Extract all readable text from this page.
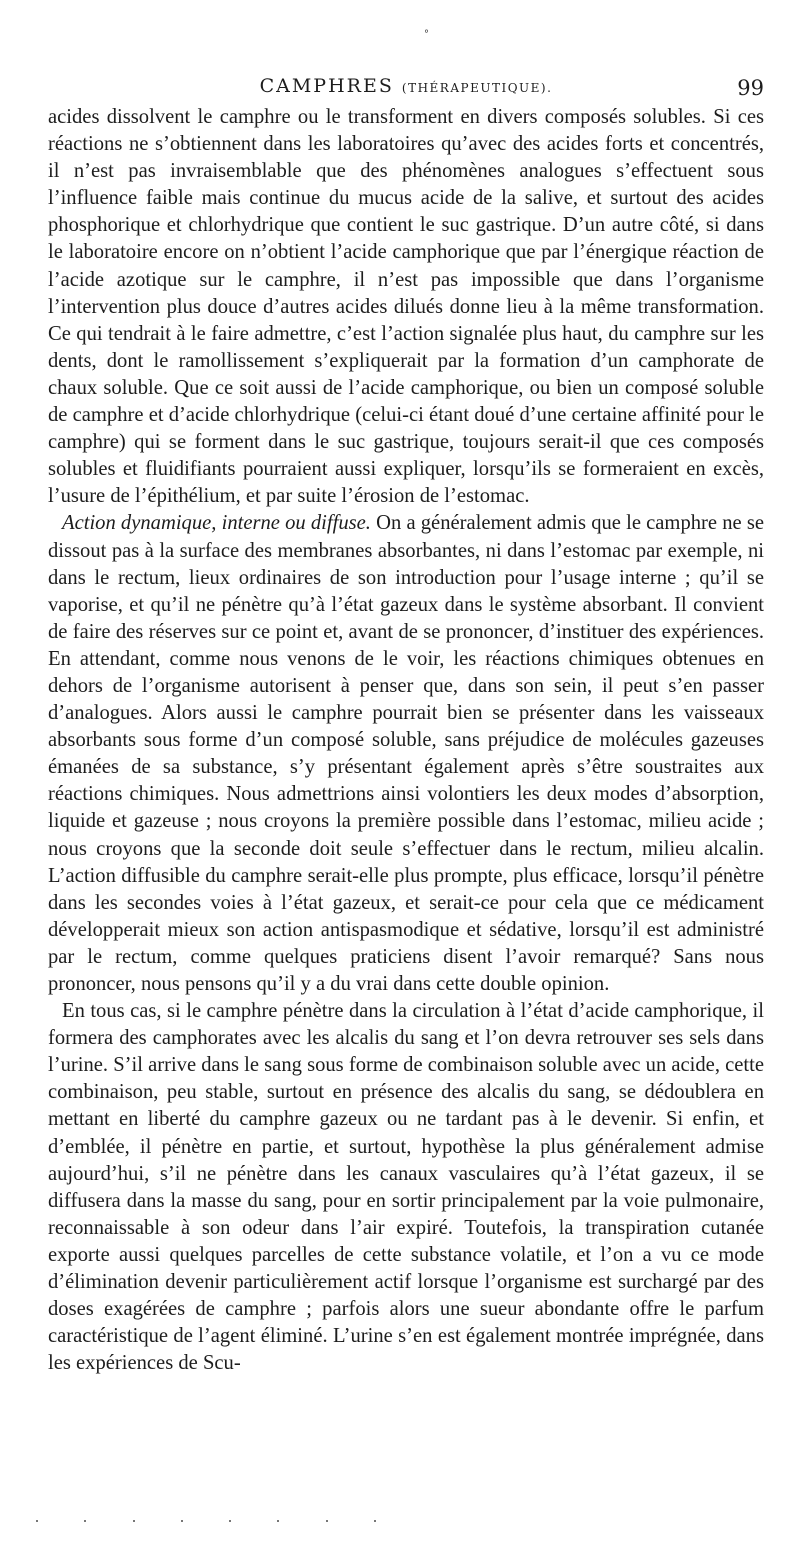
°
CAMPHRES (THÉRAPEUTIQUE).	99

acides dissolvent le camphre ou le transforment en divers composés solubles. Si ces réactions ne s’obtiennent dans les laboratoires qu’avec des acides forts et concentrés, il n’est pas invraisemblable que des phénomènes analogues s’effectuent sous l’influence faible mais continue du mucus acide de la salive, et surtout des acides phosphorique et chlorhydrique que contient le suc gastrique. D’un autre côté, si dans le laboratoire encore on n’obtient l’acide camphorique que par l’énergique réaction de l’acide azotique sur le camphre, il n’est pas impossible que dans l’organisme l’intervention plus douce d’autres acides dilués donne lieu à la même transformation. Ce qui tendrait à le faire admettre, c’est l’action signalée plus haut, du camphre sur les dents, dont le ramollissement s’expliquerait par la formation d’un camphorate de chaux soluble. Que ce soit aussi de l’acide camphorique, ou bien un composé soluble de camphre et d’acide chlorhydrique (celui-ci étant doué d’une certaine affinité pour le camphre) qui se forment dans le suc gastrique, toujours serait-il que ces composés solubles et fluidifiants pourraient aussi expliquer, lorsqu’ils se formeraient en excès, l’usure de l’épithélium, et par suite l’érosion de l’estomac.

Action dynamique, interne ou diffuse. On a généralement admis que le camphre ne se dissout pas à la surface des membranes absorbantes, ni dans l’estomac par exemple, ni dans le rectum, lieux ordinaires de son introduction pour l’usage interne ; qu’il se vaporise, et qu’il ne pénètre qu’à l’état gazeux dans le système absorbant. Il convient de faire des réserves sur ce point et, avant de se prononcer, d’instituer des expériences. En attendant, comme nous venons de le voir, les réactions chimiques obtenues en dehors de l’organisme autorisent à penser que, dans son sein, il peut s’en passer d’analogues. Alors aussi le camphre pourrait bien se présenter dans les vaisseaux absorbants sous forme d’un composé soluble, sans préjudice de molécules gazeuses émanées de sa substance, s’y présentant également après s’être soustraites aux réactions chimiques. Nous admettrions ainsi volontiers les deux modes d’absorption, liquide et gazeuse ; nous croyons la première possible dans l’estomac, milieu acide ; nous croyons que la seconde doit seule s’effectuer dans le rectum, milieu alcalin. L’action diffusible du camphre serait-elle plus prompte, plus efficace, lorsqu’il pénètre dans les secondes voies à l’état gazeux, et serait-ce pour cela que ce médicament développerait mieux son action antispasmodique et sédative, lorsqu’il est administré par le rectum, comme quelques praticiens disent l’avoir remarqué? Sans nous prononcer, nous pensons qu’il y a du vrai dans cette double opinion.

En tous cas, si le camphre pénètre dans la circulation à l’état d’acide camphorique, il formera des camphorates avec les alcalis du sang et l’on devra retrouver ses sels dans l’urine. S’il arrive dans le sang sous forme de combinaison soluble avec un acide, cette combinaison, peu stable, surtout en présence des alcalis du sang, se dédoublera en mettant en liberté du camphre gazeux ou ne tardant pas à le devenir. Si enfin, et d’emblée, il pénètre en partie, et surtout, hypothèse la plus généralement admise aujourd’hui, s’il ne pénètre dans les canaux vasculaires qu’à l’état gazeux, il se diffusera dans la masse du sang, pour en sortir principalement par la voie pulmonaire, reconnaissable à son odeur dans l’air expiré. Toutefois, la transpiration cutanée exporte aussi quelques parcelles de cette substance volatile, et l’on a vu ce mode d’élimination devenir particulièrement actif lorsque l’organisme est surchargé par des doses exagérées de camphre ; parfois alors une sueur abondante offre le parfum caractéristique de l’agent éliminé. L’urine s’en est également montrée imprégnée, dans les expériences de Scu-
